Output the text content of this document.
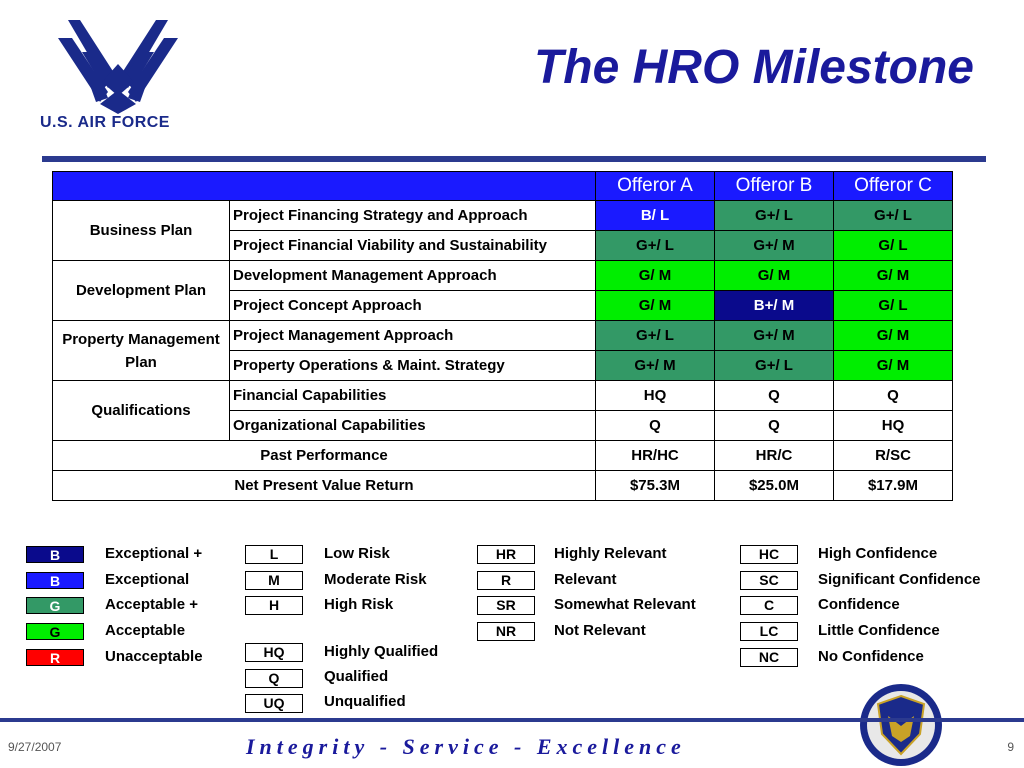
U.S. AIR FORCE
The HRO Milestone
		Offeror A	Offeror B	Offeror C
Business Plan	Project Financing Strategy and Approach	B/ L	G+/ L	G+/ L
	Project Financial Viability and Sustainability	G+/ L	G+/ M	G/ L
Development Plan	Development Management Approach	G/ M	G/ M	G/ M
	Project Concept Approach	G/ M	B+/ M	G/ L
Property Management Plan	Project Management Approach	G+/ L	G+/ M	G/ M
	Property Operations & Maint. Strategy	G+/ M	G+/ L	G/ M
Qualifications	Financial Capabilities	HQ	Q	Q
	Organizational Capabilities	Q	Q	HQ
Past Performance		HR/HC	HR/C	R/SC
Net Present Value Return		$75.3M	$25.0M	$17.9M
B	Exceptional +
B	Exceptional
G	Acceptable +
G	Acceptable
R	Unacceptable
L	Low Risk
M	Moderate Risk
H	High Risk
HQ	Highly Qualified
Q	Qualified
UQ	Unqualified
HR	Highly Relevant
R	Relevant
SR	Somewhat Relevant
NR	Not Relevant
HC	High Confidence
SC	Significant Confidence
C	Confidence
LC	Little Confidence
NC	No Confidence
9/27/2007	Integrity - Service - Excellence	9
